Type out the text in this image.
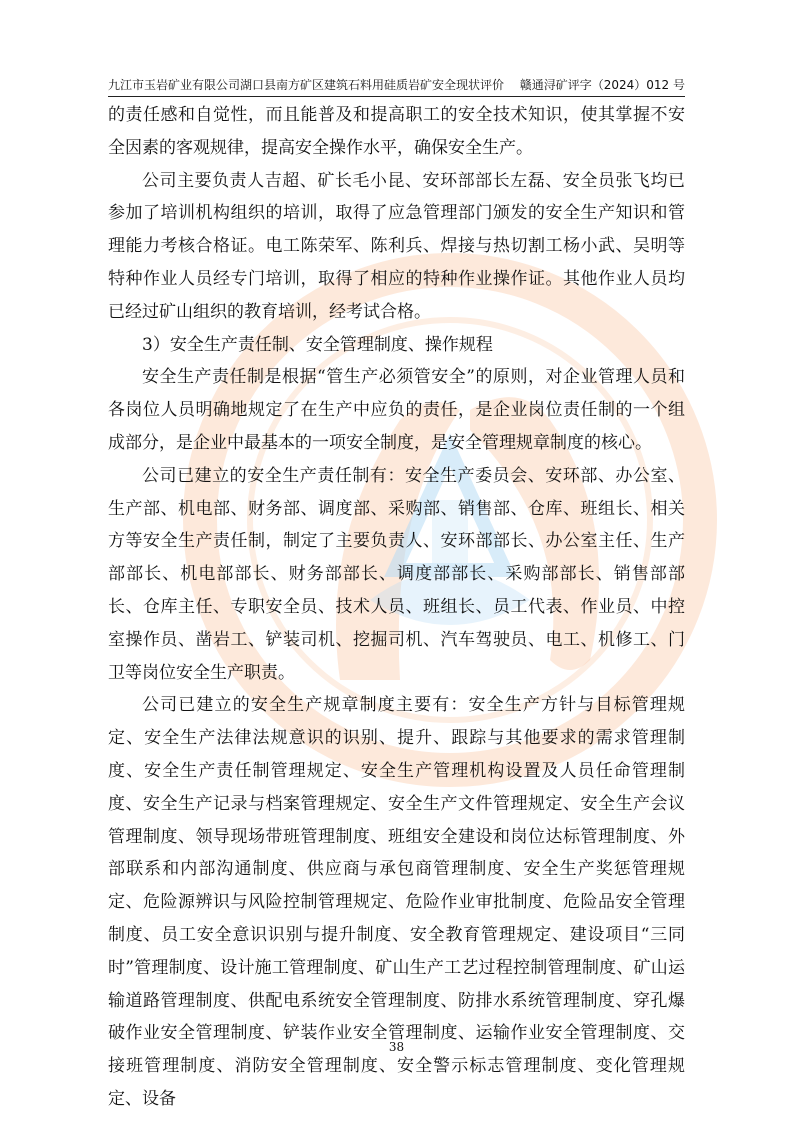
九江市玉岩矿业有限公司湖口县南方矿区建筑石料用硅质岩矿安全现状评价 赣通浔矿评字（2024）012 号

的责任感和自觉性，而且能普及和提高职工的安全技术知识，使其掌握不安全因素的客观规律，提高安全操作水平，确保安全生产。

公司主要负责人吉超、矿长毛小昆、安环部部长左磊、安全员张飞均已参加了培训机构组织的培训，取得了应急管理部门颁发的安全生产知识和管理能力考核合格证。电工陈荣军、陈利兵、焊接与热切割工杨小武、吴明等特种作业人员经专门培训，取得了相应的特种作业操作证。其他作业人员均已经过矿山组织的教育培训，经考试合格。

3）安全生产责任制、安全管理制度、操作规程

安全生产责任制是根据“管生产必须管安全”的原则，对企业管理人员和各岗位人员明确地规定了在生产中应负的责任，是企业岗位责任制的一个组成部分，是企业中最基本的一项安全制度，是安全管理规章制度的核心。

公司已建立的安全生产责任制有：安全生产委员会、安环部、办公室、生产部、机电部、财务部、调度部、采购部、销售部、仓库、班组长、相关方等安全生产责任制，制定了主要负责人、安环部部长、办公室主任、生产部部长、机电部部长、财务部部长、调度部部长、采购部部长、销售部部长、仓库主任、专职安全员、技术人员、班组长、员工代表、作业员、中控室操作员、凿岩工、铲装司机、挖掘司机、汽车驾驶员、电工、机修工、门卫等岗位安全生产职责。

公司已建立的安全生产规章制度主要有：安全生产方针与目标管理规定、安全生产法律法规意识的识别、提升、跟踪与其他要求的需求管理制度、安全生产责任制管理规定、安全生产管理机构设置及人员任命管理制度、安全生产记录与档案管理规定、安全生产文件管理规定、安全生产会议管理制度、领导现场带班管理制度、班组安全建设和岗位达标管理制度、外部联系和内部沟通制度、供应商与承包商管理制度、安全生产奖惩管理规定、危险源辨识与风险控制管理规定、危险作业审批制度、危险品安全管理制度、员工安全意识识别与提升制度、安全教育管理规定、建设项目“三同时”管理制度、设计施工管理制度、矿山生产工艺过程控制管理制度、矿山运输道路管理制度、供配电系统安全管理制度、防排水系统管理制度、穿孔爆破作业安全管理制度、铲装作业安全管理制度、运输作业安全管理制度、交接班管理制度、消防安全管理制度、安全警示标志管理制度、变化管理规定、设备

38
